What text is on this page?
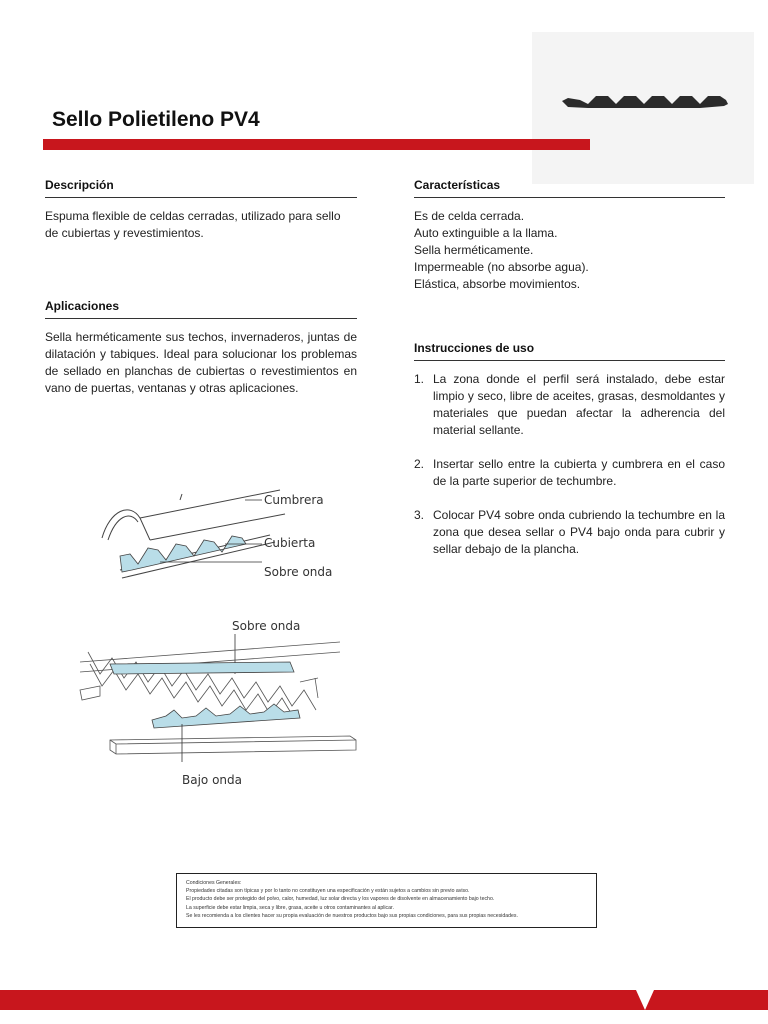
Sello Polietileno PV4
Descripción
Espuma flexible de celdas cerradas, utilizado para sello de cubiertas y revestimientos.
Características
Es de celda cerrada.
Auto extinguible a la llama.
Sella herméticamente.
Impermeable (no absorbe agua).
Elástica, absorbe movimientos.
Aplicaciones
Sella herméticamente sus techos, invernaderos, juntas de dilatación y tabiques. Ideal para solucionar los problemas de sellado en planchas de cubiertas o revestimientos en vano de puertas, ventanas y otras aplicaciones.
Instrucciones de uso
1. La zona donde el perfil será instalado, debe estar limpio y seco, libre de aceites, grasas, desmoldantes y materiales que puedan afectar la adherencia del material sellante.
2. Insertar sello entre la cubierta y cumbrera en el caso de la parte superior de techumbre.
3. Colocar PV4 sobre onda cubriendo la techumbre en la zona que desea sellar o PV4 bajo onda para cubrir y sellar debajo de la plancha.
Cumbrera
Cubierta
Sobre onda
Sobre onda
Bajo onda
Condiciones Generales:
Propiedades citadas son típicas y por lo tanto no constituyen una especificación y están sujetos a cambios sin previo aviso.
El producto debe ser protegido del polvo, calor, humedad, luz solar directa y los vapores de disolvente en almacenamiento bajo techo.
La superficie debe estar limpia, seca y libre, grasa, aceite u otros contaminantes al aplicar.
Se les recomienda a los clientes hacer su propia evaluación de nuestros productos bajo sus propias condiciones, para sus propias necesidades.
